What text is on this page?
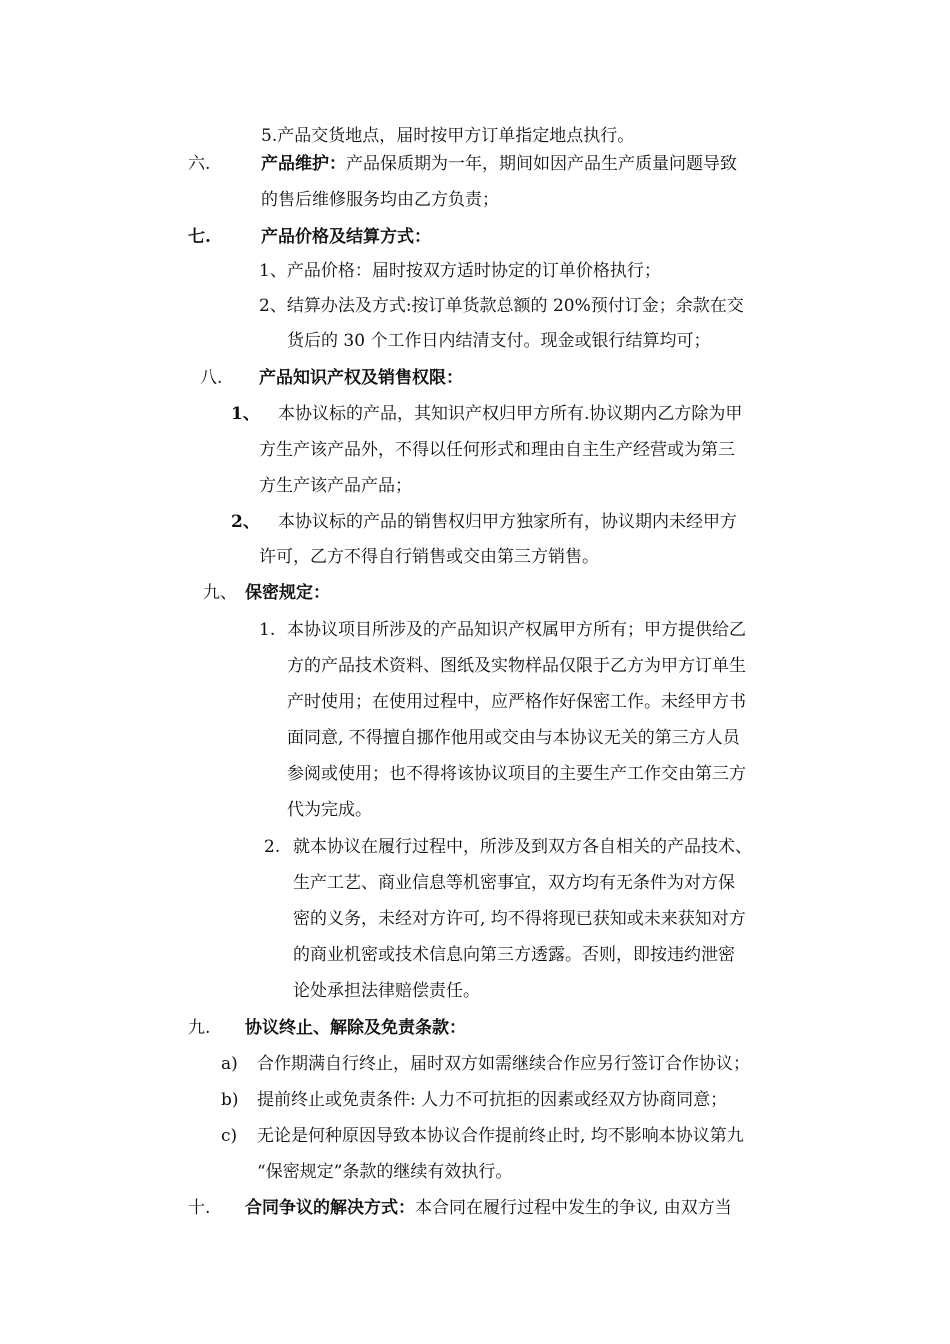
5.产品交货地点，届时按甲方订单指定地点执行。
六.	产品维护：产品保质期为一年，期间如因产品生产质量问题导致
的售后维修服务均由乙方负责；
七.	产品价格及结算方式：
1、产品价格：届时按双方适时协定的订单价格执行；
2、结算办法及方式:按订单货款总额的 20%预付订金；余款在交
货后的 30 个工作日内结清支付。现金或银行结算均可；
八. 产品知识产权及销售权限：
1、 本协议标的产品，其知识产权归甲方所有.协议期内乙方除为甲
方生产该产品外，不得以任何形式和理由自主生产经营或为第三
方生产该产品产品；
2、 本协议标的产品的销售权归甲方独家所有，协议期内未经甲方
许可，乙方不得自行销售或交由第三方销售。
九、 保密规定：
1. 本协议项目所涉及的产品知识产权属甲方所有；甲方提供给乙
方的产品技术资料、图纸及实物样品仅限于乙方为甲方订单生
产时使用；在使用过程中，应严格作好保密工作。未经甲方书
面同意, 不得擅自挪作他用或交由与本协议无关的第三方人员
参阅或使用；也不得将该协议项目的主要生产工作交由第三方
代为完成。
2. 就本协议在履行过程中，所涉及到双方各自相关的产品技术、
生产工艺、商业信息等机密事宜，双方均有无条件为对方保
密的义务，未经对方许可, 均不得将现已获知或未来获知对方
的商业机密或技术信息向第三方透露。否则，即按违约泄密
论处承担法律赔偿责任。
九. 协议终止、解除及免责条款：
a) 合作期满自行终止，届时双方如需继续合作应另行签订合作协议；
b) 提前终止或免责条件: 人力不可抗拒的因素或经双方协商同意；
c) 无论是何种原因导致本协议合作提前终止时, 均不影响本协议第九
“保密规定”条款的继续有效执行。
十. 合同争议的解决方式：本合同在履行过程中发生的争议, 由双方当
